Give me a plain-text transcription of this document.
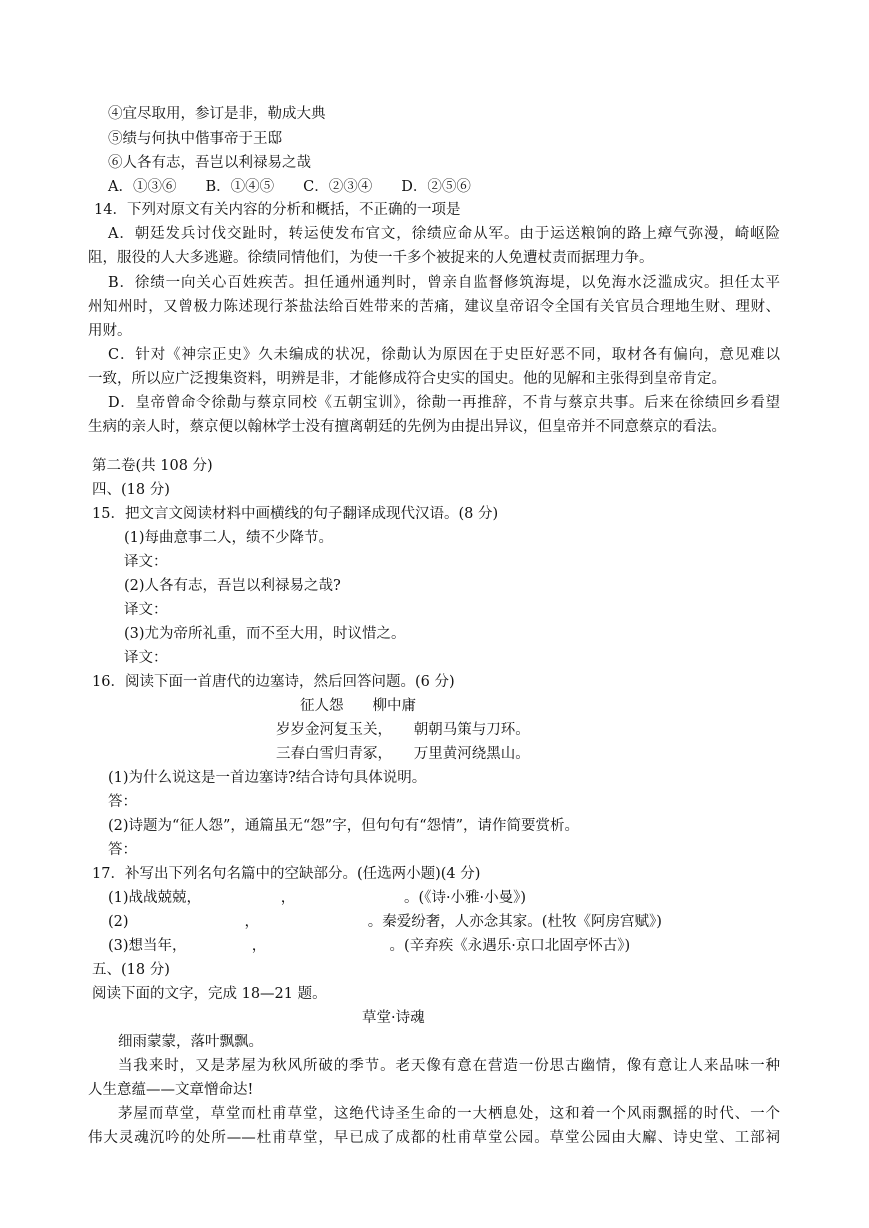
④宜尽取用，参订是非，勒成大典
⑤绩与何执中偕事帝于王邸
⑥人各有志，吾岂以利禄易之哉
A．①③⑥　　B．①④⑤　　C．②③④　　D．②⑤⑥
14．下列对原文有关内容的分析和概括，不正确的一项是
A．朝廷发兵讨伐交趾时，转运使发布官文，徐绩应命从军。由于运送粮饷的路上瘴气弥漫，崎岖险
阻，服役的人大多逃避。徐绩同情他们，为使一千多个被捉来的人免遭杖责而据理力争。
B．徐绩一向关心百姓疾苦。担任通州通判时，曾亲自监督修筑海堤，以免海水泛滥成灾。担任太平
州知州时，又曾极力陈述现行茶盐法给百姓带来的苦痛，建议皇帝诏令全国有关官员合理地生财、理财、
用财。
C．针对《神宗正史》久未编成的状况，徐勣认为原因在于史臣好恶不同，取材各有偏向，意见难以
一致，所以应广泛搜集资料，明辨是非，才能修成符合史实的国史。他的见解和主张得到皇帝肯定。
D．皇帝曾命令徐勣与蔡京同校《五朝宝训》，徐勣一再推辞，不肯与蔡京共事。后来在徐绩回乡看望
生病的亲人时，蔡京便以翰林学士没有擅离朝廷的先例为由提出异议，但皇帝并不同意蔡京的看法。
第二卷(共 108 分)
四、(18 分)
15．把文言文阅读材料中画横线的句子翻译成现代汉语。(8 分)
(1)每曲意事二人，绩不少降节。
译文：
(2)人各有志，吾岂以利禄易之哉?
译文：
(3)尤为帝所礼重，而不至大用，时议惜之。
译文：
16．阅读下面一首唐代的边塞诗，然后回答问题。(6 分)
征人怨　　柳中庸
岁岁金河复玉关，　　朝朝马策与刀环。
三春白雪归青冢，　　万里黄河绕黑山。
(1)为什么说这是一首边塞诗?结合诗句具体说明。
答：
(2)诗题为“征人怨”，通篇虽无“怨”字，但句句有“怨情”，请作简要赏析。
答：
17．补写出下列名句名篇中的空缺部分。(任选两小题)(4 分)
(1)战战兢兢，　　　　　　，　　　　　　　　。(《诗·小雅·小曼》)
(2)　　　　　　　　，　　　　　　　　。秦爱纷奢，人亦念其家。(杜牧《阿房宫赋》)
(3)想当年，　　　　　，　　　　　　　　　。(辛弃疾《永遇乐·京口北固亭怀古》)
五、(18 分)
阅读下面的文字，完成 18—21 题。
草堂·诗魂
细雨蒙蒙，落叶飘飘。
当我来时，又是茅屋为秋风所破的季节。老天像有意在营造一份思古幽情，像有意让人来品味一种
人生意蕴——文章憎命达!
茅屋而草堂，草堂而杜甫草堂，这绝代诗圣生命的一大栖息处，这和着一个风雨飘摇的时代、一个
伟大灵魂沉吟的处所——杜甫草堂，早已成了成都的杜甫草堂公园。草堂公园由大廨、诗史堂、工部祠
